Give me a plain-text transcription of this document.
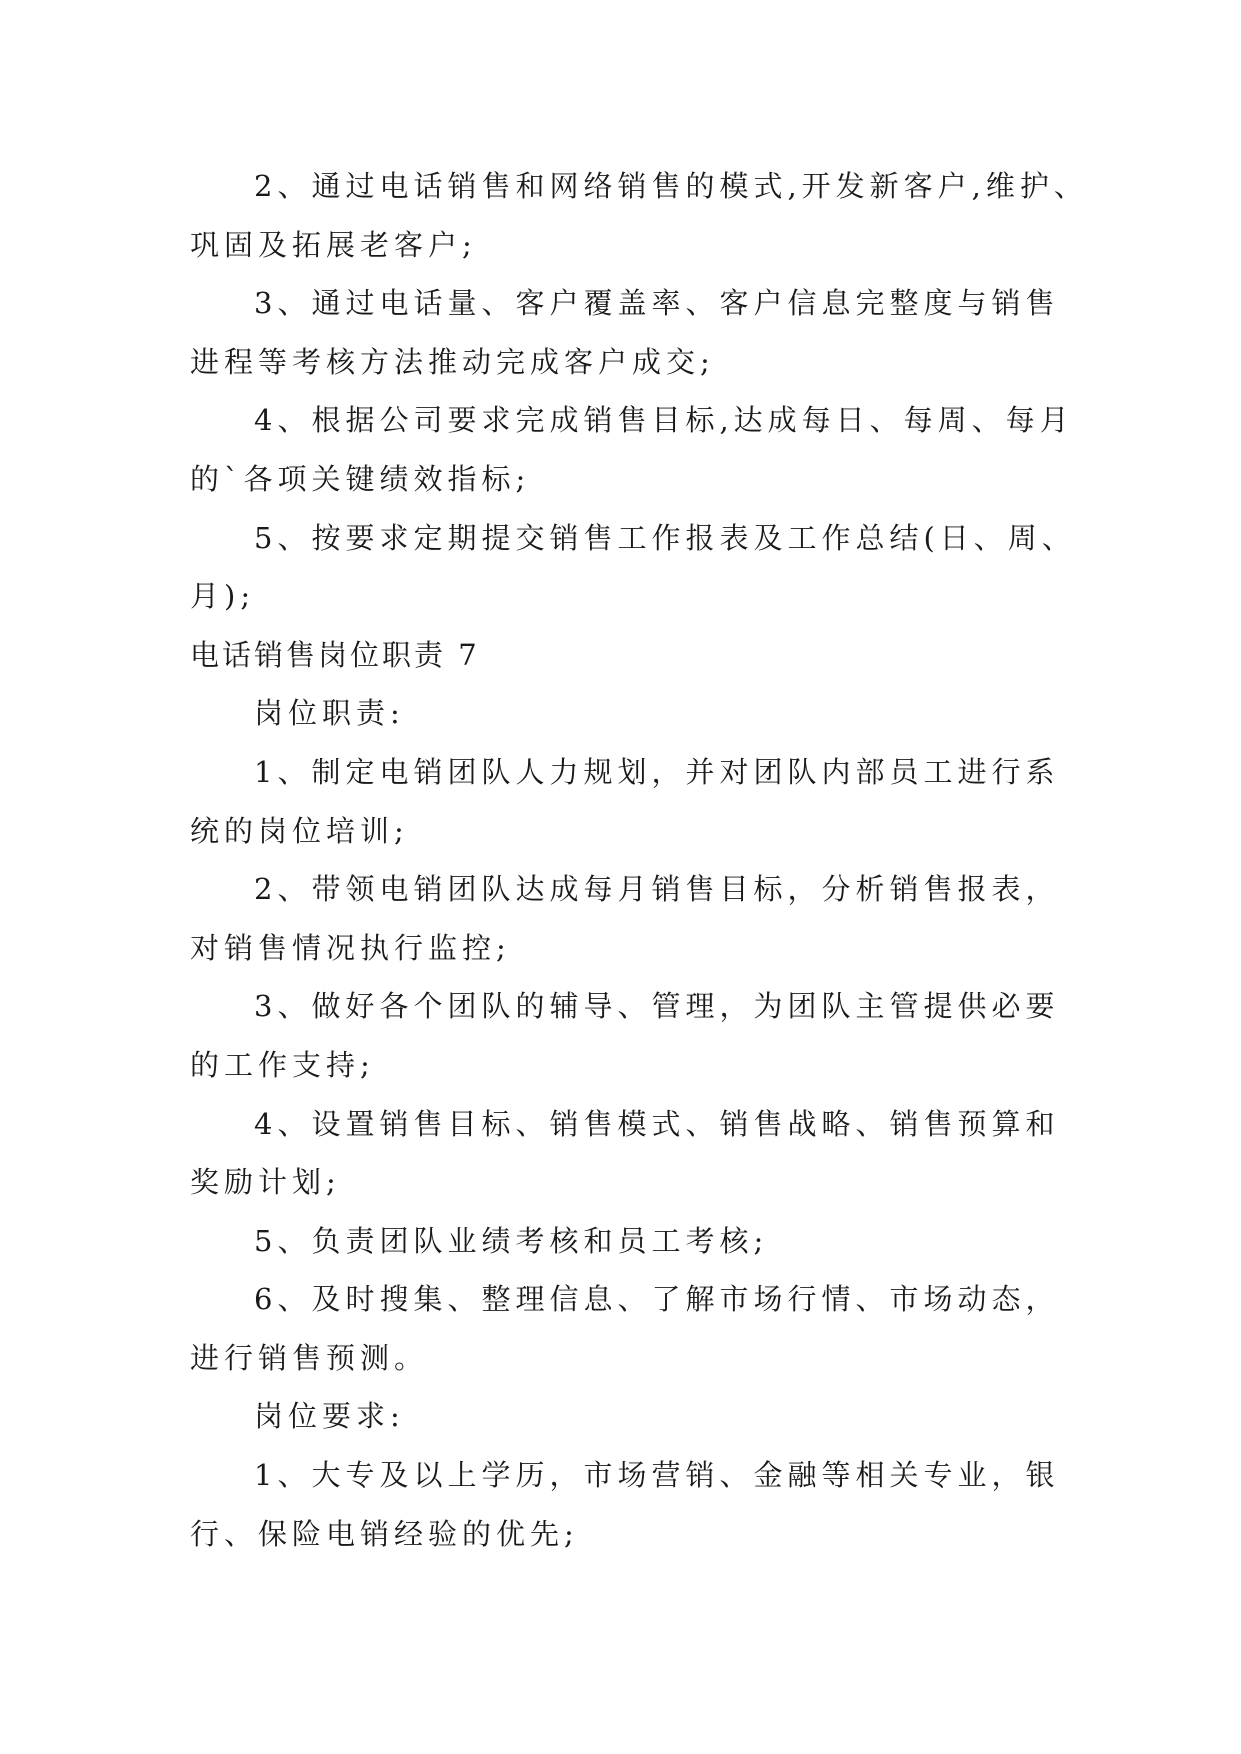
2、通过电话销售和网络销售的模式,开发新客户,维护、
巩固及拓展老客户;
3、通过电话量、客户覆盖率、客户信息完整度与销售
进程等考核方法推动完成客户成交;
4、根据公司要求完成销售目标,达成每日、每周、每月
的`各项关键绩效指标;
5、按要求定期提交销售工作报表及工作总结(日、周、
月);
电话销售岗位职责 7
岗位职责:
1、制定电销团队人力规划，并对团队内部员工进行系
统的岗位培训;
2、带领电销团队达成每月销售目标，分析销售报表，
对销售情况执行监控;
3、做好各个团队的辅导、管理，为团队主管提供必要
的工作支持;
4、设置销售目标、销售模式、销售战略、销售预算和
奖励计划;
5、负责团队业绩考核和员工考核;
6、及时搜集、整理信息、了解市场行情、市场动态，
进行销售预测。
岗位要求:
1、大专及以上学历，市场营销、金融等相关专业，银
行、保险电销经验的优先;
